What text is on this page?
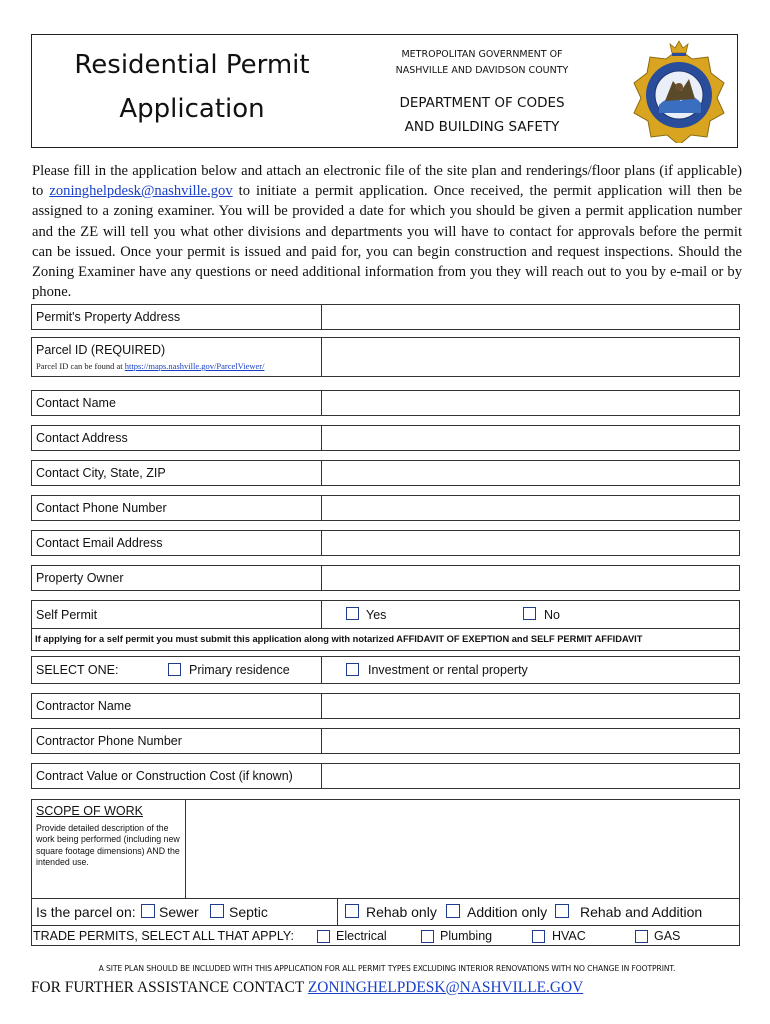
Residential Permit
Application
METROPOLITAN GOVERNMENT OF
NASHVILLE AND DAVIDSON COUNTY
DEPARTMENT OF CODES
AND BUILDING SAFETY
Please fill in the application below and attach an electronic file of the site plan and renderings/floor plans (if applicable) to zoninghelpdesk@nashville.gov to initiate a permit application. Once received, the permit application will then be assigned to a zoning examiner. You will be provided a date for which you should be given a permit application number and the ZE will tell you what other divisions and departments you will have to contact for approvals before the permit can be issued. Once your permit is issued and paid for, you can begin construction and request inspections. Should the Zoning Examiner have any questions or need additional information from you they will reach out to you by e-mail or by phone.
Permit's Property Address
Parcel ID (REQUIRED)
Parcel ID can be found at https://maps.nashville.gov/ParcelViewer/
Contact Name
Contact Address
Contact City, State, ZIP
Contact Phone Number
Contact Email Address
Property Owner
Self Permit	Yes	No
If applying for a self permit you must submit this application along with notarized AFFIDAVIT OF EXEPTION and SELF PERMIT AFFIDAVIT
SELECT ONE:	Primary residence	Investment or rental property
Contractor Name
Contractor Phone Number
Contract Value or Construction Cost (if known)
SCOPE OF WORK
Provide detailed description of the work being performed (including new square footage dimensions) AND the intended use.
Is the parcel on: Sewer Septic	Rehab only Addition only Rehab and Addition
TRADE PERMITS, SELECT ALL THAT APPLY:	Electrical	Plumbing	HVAC	GAS
A SITE PLAN SHOULD BE INCLUDED WITH THIS APPLICATION FOR ALL PERMIT TYPES EXCLUDING INTERIOR RENOVATIONS WITH NO CHANGE IN FOOTPRINT.
FOR FURTHER ASSISTANCE CONTACT ZONINGHELPDESK@NASHVILLE.GOV
